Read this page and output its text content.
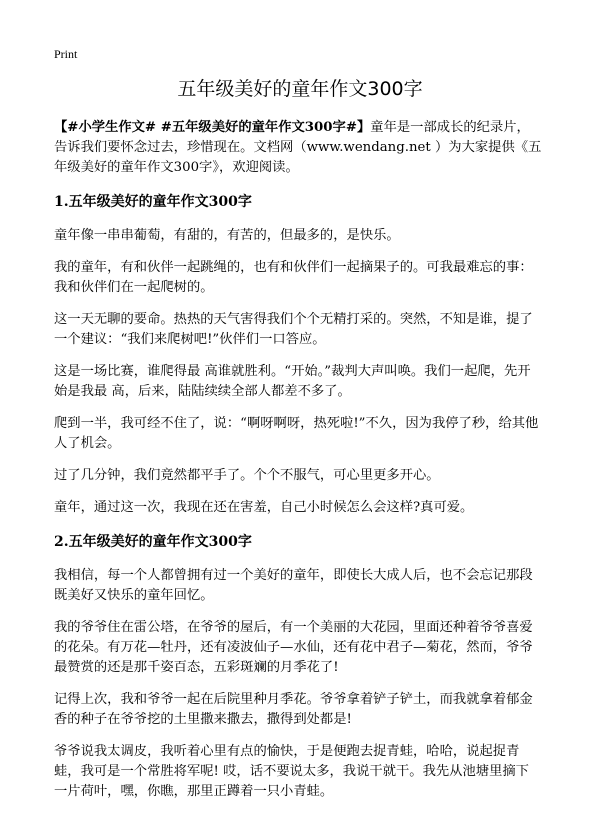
Print
五年级美好的童年作文300字

【#小学生作文# #五年级美好的童年作文300字#】童年是一部成长的纪录片，告诉我们要怀念过去，珍惜现在。文档网（www.wendang.net ）为大家提供《五年级美好的童年作文300字》，欢迎阅读。

1.五年级美好的童年作文300字

童年像一串串葡萄，有甜的，有苦的，但最多的，是快乐。

我的童年，有和伙伴一起跳绳的，也有和伙伴们一起摘果子的。可我最难忘的事：我和伙伴们在一起爬树的。

这一天无聊的要命。热热的天气害得我们个个无精打采的。突然，不知是谁，提了一个建议：“我们来爬树吧!”伙伴们一口答应。

这是一场比赛，谁爬得最 高谁就胜利。“开始。”裁判大声叫唤。我们一起爬，先开始是我最 高，后来，陆陆续续全部人都差不多了。

爬到一半，我可经不住了，说：“啊呀啊呀，热死啦!”不久，因为我停了秒，给其他人了机会。

过了几分钟，我们竟然都平手了。个个不服气，可心里更多开心。

童年，通过这一次，我现在还在害羞，自己小时候怎么会这样?真可爱。

2.五年级美好的童年作文300字

我相信，每一个人都曾拥有过一个美好的童年，即使长大成人后，也不会忘记那段既美好又快乐的童年回忆。

我的爷爷住在雷公塔，在爷爷的屋后，有一个美丽的大花园，里面还种着爷爷喜爱的花朵。有万花—牡丹，还有凌波仙子—水仙，还有花中君子—菊花，然而，爷爷最赞赏的还是那千姿百态，五彩斑斓的月季花了!

记得上次，我和爷爷一起在后院里种月季花。爷爷拿着铲子铲土，而我就拿着郁金香的种子在爷爷挖的土里撒来撒去，撒得到处都是!

爷爷说我太调皮，我听着心里有点的愉快，于是便跑去捉青蛙，哈哈，说起捉青蛙，我可是一个常胜将军呢! 哎，话不要说太多，我说干就干。我先从池塘里摘下一片荷叶，嘿，你瞧，那里正蹲着一只小青蛙。
